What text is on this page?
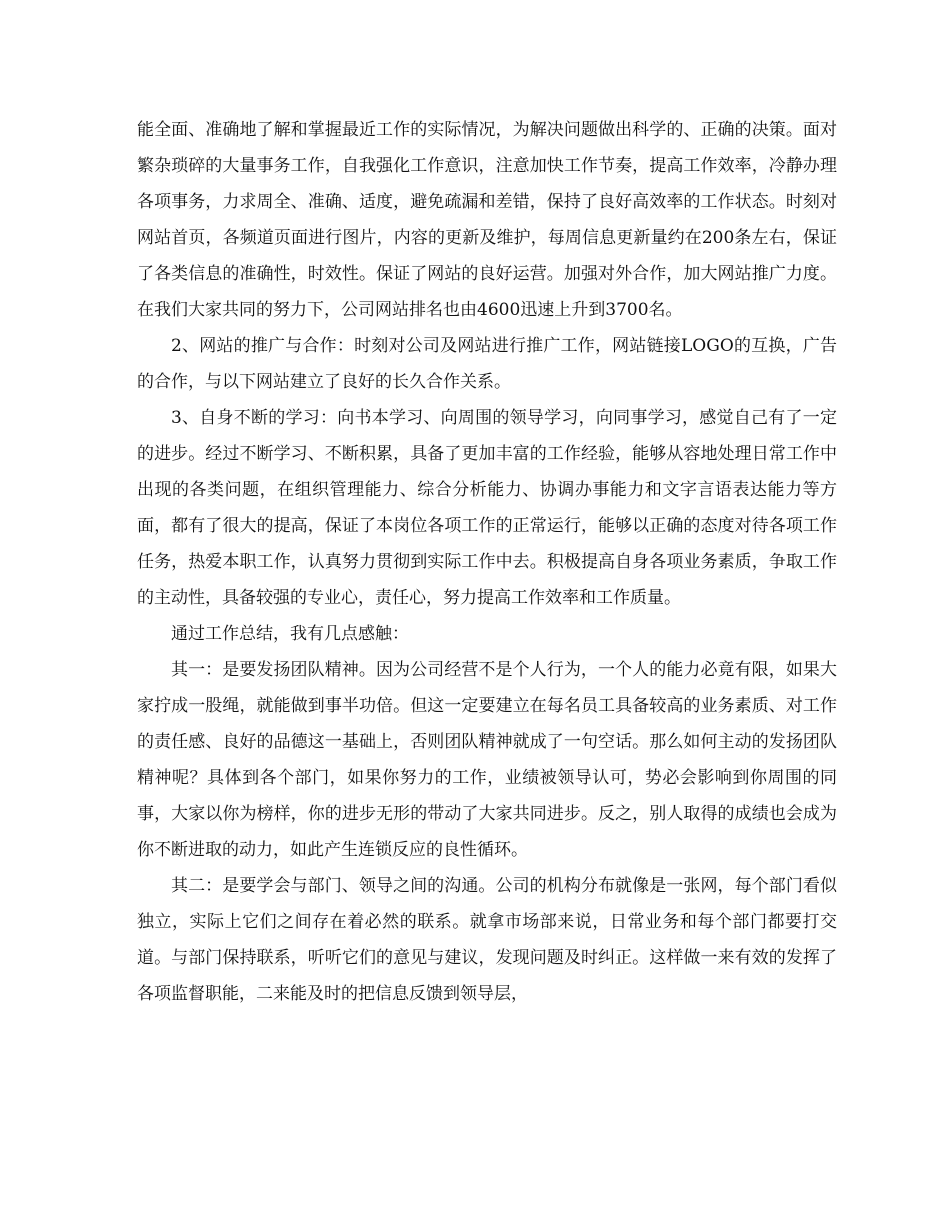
能全面、准确地了解和掌握最近工作的实际情况，为解决问题做出科学的、正确的决策。面对繁杂琐碎的大量事务工作，自我强化工作意识，注意加快工作节奏，提高工作效率，冷静办理各项事务，力求周全、准确、适度，避免疏漏和差错，保持了良好高效率的工作状态。时刻对网站首页，各频道页面进行图片，内容的更新及维护，每周信息更新量约在200条左右，保证了各类信息的准确性，时效性。保证了网站的良好运营。加强对外合作，加大网站推广力度。在我们大家共同的努力下，公司网站排名也由4600迅速上升到3700名。

2、网站的推广与合作：时刻对公司及网站进行推广工作，网站链接LOGO的互换，广告的合作，与以下网站建立了良好的长久合作关系。

3、自身不断的学习：向书本学习、向周围的领导学习，向同事学习，感觉自己有了一定的进步。经过不断学习、不断积累，具备了更加丰富的工作经验，能够从容地处理日常工作中出现的各类问题，在组织管理能力、综合分析能力、协调办事能力和文字言语表达能力等方面，都有了很大的提高，保证了本岗位各项工作的正常运行，能够以正确的态度对待各项工作任务，热爱本职工作，认真努力贯彻到实际工作中去。积极提高自身各项业务素质，争取工作的主动性，具备较强的专业心，责任心，努力提高工作效率和工作质量。

通过工作总结，我有几点感触：

其一：是要发扬团队精神。因为公司经营不是个人行为，一个人的能力必竟有限，如果大家拧成一股绳，就能做到事半功倍。但这一定要建立在每名员工具备较高的业务素质、对工作的责任感、良好的品德这一基础上，否则团队精神就成了一句空话。那么如何主动的发扬团队精神呢？具体到各个部门，如果你努力的工作，业绩被领导认可，势必会影响到你周围的同事，大家以你为榜样，你的进步无形的带动了大家共同进步。反之，别人取得的成绩也会成为你不断进取的动力，如此产生连锁反应的良性循环。

其二：是要学会与部门、领导之间的沟通。公司的机构分布就像是一张网，每个部门看似独立，实际上它们之间存在着必然的联系。就拿市场部来说，日常业务和每个部门都要打交道。与部门保持联系，听听它们的意见与建议，发现问题及时纠正。这样做一来有效的发挥了各项监督职能，二来能及时的把信息反馈到领导层，
